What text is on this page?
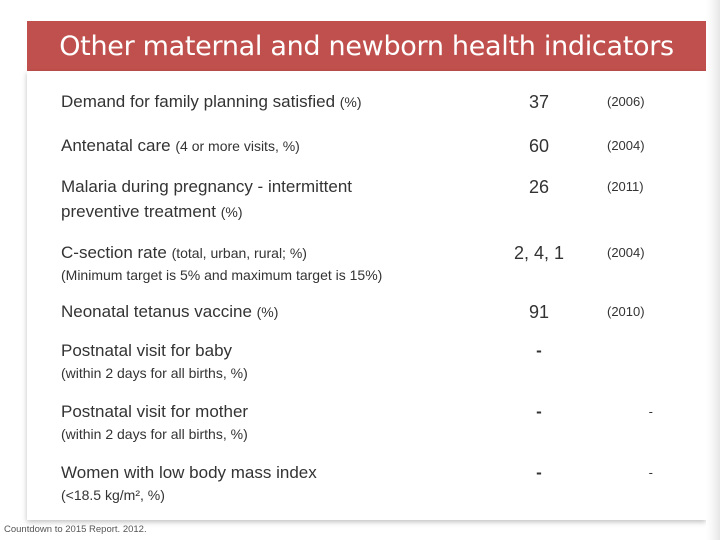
Other maternal and newborn health indicators
Demand for family planning satisfied (%)	37	(2006)
Antenatal care (4 or more visits, %)	60	(2004)
Malaria during pregnancy - intermittent
preventive treatment (%)
26	(2011)
C-section rate (total, urban, rural; %)
(Minimum target is 5% and maximum target is 15%)
2, 4, 1	(2004)
Neonatal tetanus vaccine (%)	91	(2010)
Postnatal visit for baby
(within 2 days for all births, %)
-
Postnatal visit for mother
(within 2 days for all births, %)
-	-
Women with low body mass index
(<18.5 kg/m², %)
-	-
Countdown to 2015 Report. 2012.
